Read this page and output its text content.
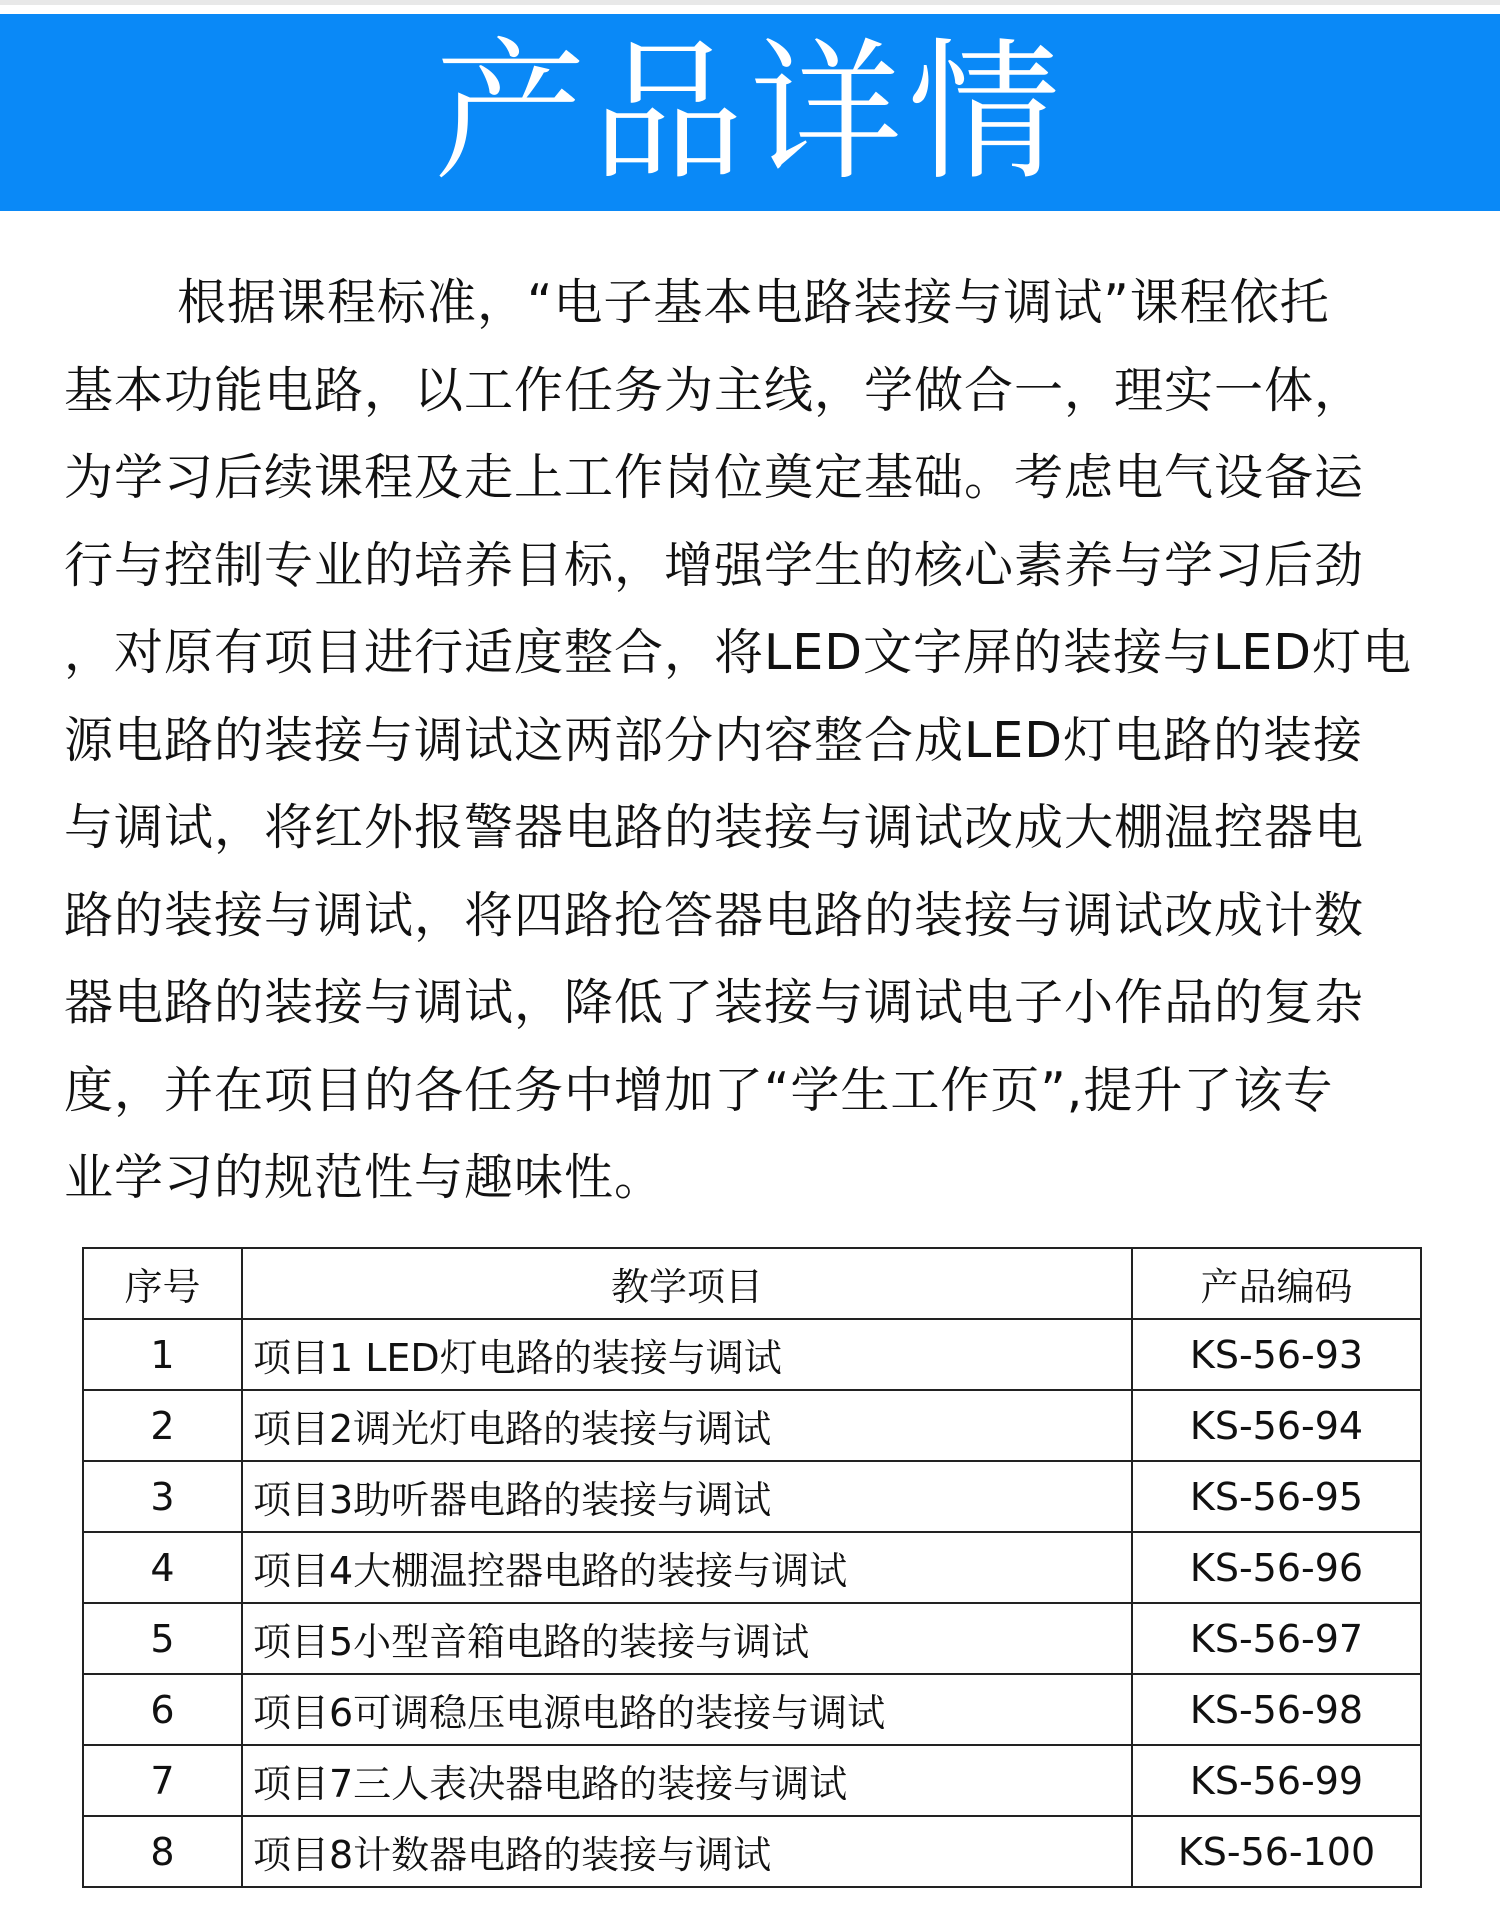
产品详情
根据课程标准，“电子基本电路装接与调试”课程依托
基本功能电路，以工作任务为主线，学做合一，理实一体，
为学习后续课程及走上工作岗位奠定基础。考虑电气设备运
行与控制专业的培养目标，增强学生的核心素养与学习后劲
，对原有项目进行适度整合，将LED文字屏的装接与LED灯电
源电路的装接与调试这两部分内容整合成LED灯电路的装接
与调试，将红外报警器电路的装接与调试改成大棚温控器电
路的装接与调试，将四路抢答器电路的装接与调试改成计数
器电路的装接与调试，降低了装接与调试电子小作品的复杂
度，并在项目的各任务中增加了“学生工作页”,提升了该专
业学习的规范性与趣味性。
序号	教学项目	产品编码
1	项目1 LED灯电路的装接与调试	KS-56-93
2	项目2调光灯电路的装接与调试	KS-56-94
3	项目3助听器电路的装接与调试	KS-56-95
4	项目4大棚温控器电路的装接与调试	KS-56-96
5	项目5小型音箱电路的装接与调试	KS-56-97
6	项目6可调稳压电源电路的装接与调试	KS-56-98
7	项目7三人表决器电路的装接与调试	KS-56-99
8	项目8计数器电路的装接与调试	KS-56-100
